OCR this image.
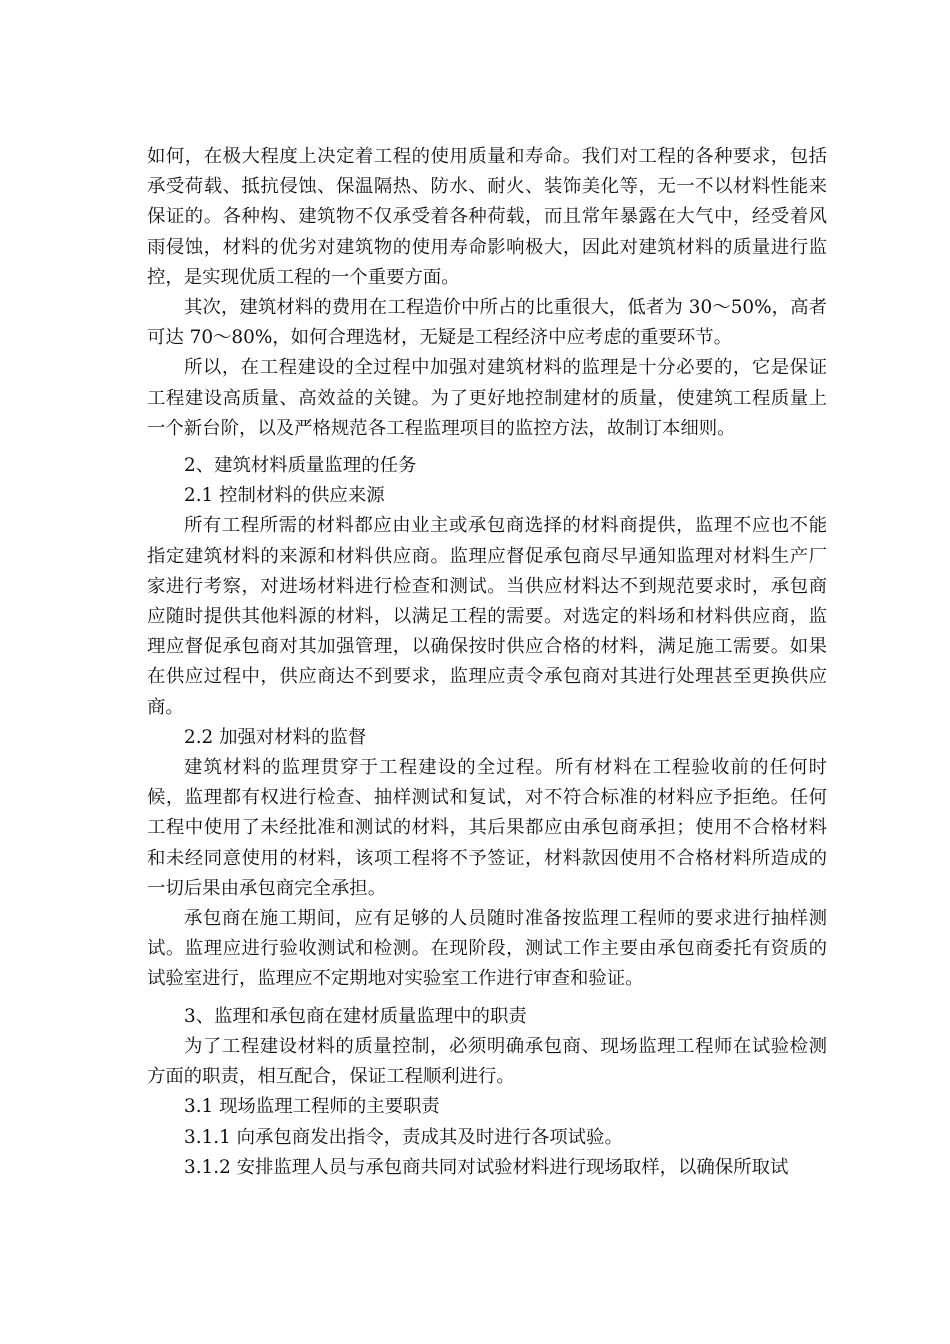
如何，在极大程度上决定着工程的使用质量和寿命。我们对工程的各种要求，包括承受荷载、抵抗侵蚀、保温隔热、防水、耐火、装饰美化等，无一不以材料性能来保证的。各种构、建筑物不仅承受着各种荷载，而且常年暴露在大气中，经受着风雨侵蚀，材料的优劣对建筑物的使用寿命影响极大，因此对建筑材料的质量进行监控，是实现优质工程的一个重要方面。

其次，建筑材料的费用在工程造价中所占的比重很大，低者为 30～50%，高者可达 70～80%，如何合理选材，无疑是工程经济中应考虑的重要环节。

所以，在工程建设的全过程中加强对建筑材料的监理是十分必要的，它是保证工程建设高质量、高效益的关键。为了更好地控制建材的质量，使建筑工程质量上一个新台阶，以及严格规范各工程监理项目的监控方法，故制订本细则。

2、建筑材料质量监理的任务

2.1 控制材料的供应来源

所有工程所需的材料都应由业主或承包商选择的材料商提供，监理不应也不能指定建筑材料的来源和材料供应商。监理应督促承包商尽早通知监理对材料生产厂家进行考察，对进场材料进行检查和测试。当供应材料达不到规范要求时，承包商应随时提供其他料源的材料，以满足工程的需要。对选定的料场和材料供应商，监理应督促承包商对其加强管理，以确保按时供应合格的材料，满足施工需要。如果在供应过程中，供应商达不到要求，监理应责令承包商对其进行处理甚至更换供应商。

2.2 加强对材料的监督

建筑材料的监理贯穿于工程建设的全过程。所有材料在工程验收前的任何时候，监理都有权进行检查、抽样测试和复试，对不符合标准的材料应予拒绝。任何工程中使用了未经批准和测试的材料，其后果都应由承包商承担；使用不合格材料和未经同意使用的材料，该项工程将不予签证，材料款因使用不合格材料所造成的一切后果由承包商完全承担。

承包商在施工期间，应有足够的人员随时准备按监理工程师的要求进行抽样测试。监理应进行验收测试和检测。在现阶段，测试工作主要由承包商委托有资质的试验室进行，监理应不定期地对实验室工作进行审查和验证。

3、监理和承包商在建材质量监理中的职责

为了工程建设材料的质量控制，必须明确承包商、现场监理工程师在试验检测方面的职责，相互配合，保证工程顺利进行。

3.1 现场监理工程师的主要职责

3.1.1 向承包商发出指令，责成其及时进行各项试验。

3.1.2 安排监理人员与承包商共同对试验材料进行现场取样，以确保所取试
